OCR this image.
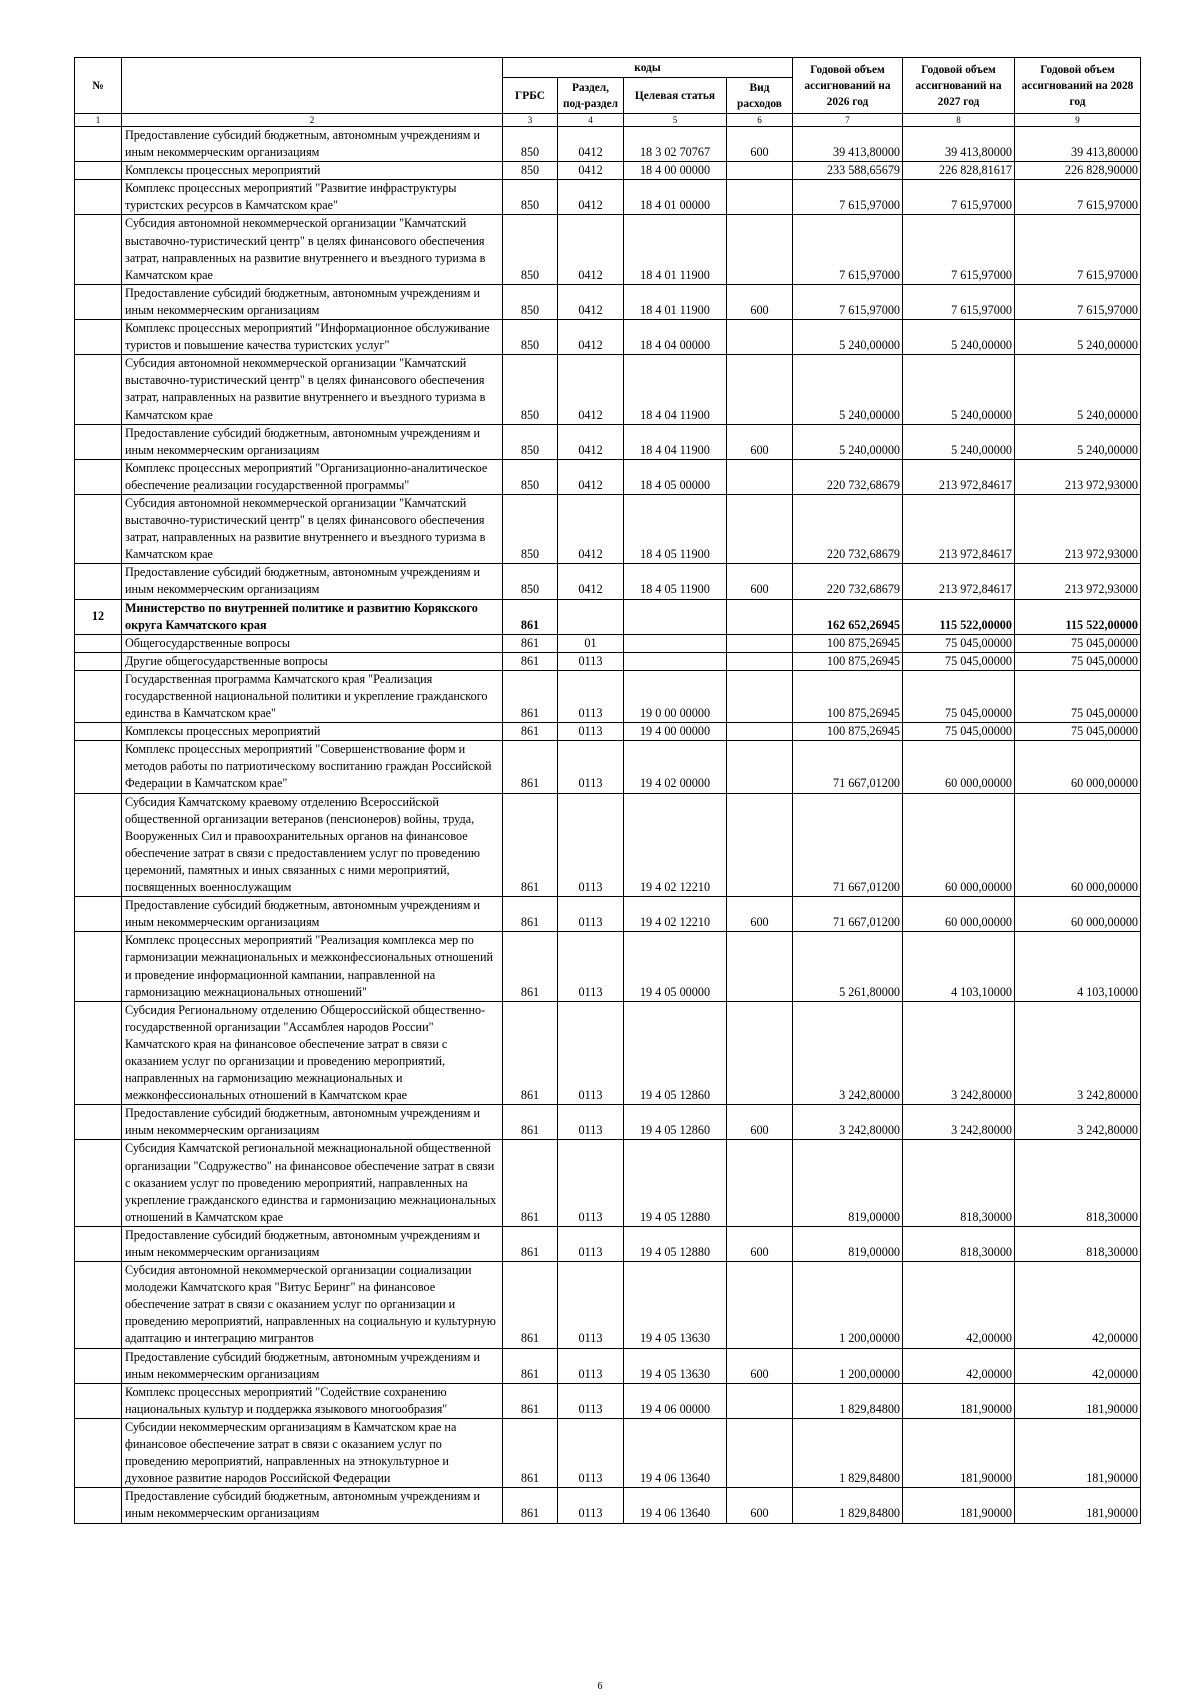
№		коды				Годовой объем ассигнований на 2026 год	Годовой объем ассигнований на 2027 год	Годовой объем ассигнований на 2028 год
		ГРБС	Раздел, под-раздел	Целевая статья	Вид расходов			
1	2	3	4	5	6	7	8	9
	Предоставление субсидий бюджетным, автономным учреждениям и иным некоммерческим организациям	850	0412	18 3 02 70767	600	39 413,80000	39 413,80000	39 413,80000
	Комплексы процессных мероприятий	850	0412	18 4 00 00000		233 588,65679	226 828,81617	226 828,90000
	Комплекс процессных мероприятий "Развитие инфраструктуры туристских ресурсов в Камчатском крае"	850	0412	18 4 01 00000		7 615,97000	7 615,97000	7 615,97000
	Субсидия автономной некоммерческой организации "Камчатский выставочно-туристический центр" в целях финансового обеспечения затрат, направленных на развитие внутреннего и въездного туризма в Камчатском крае	850	0412	18 4 01 11900		7 615,97000	7 615,97000	7 615,97000
	Предоставление субсидий бюджетным, автономным учреждениям и иным некоммерческим организациям	850	0412	18 4 01 11900	600	7 615,97000	7 615,97000	7 615,97000
	Комплекс процессных мероприятий "Информационное обслуживание туристов и повышение качества туристских услуг"	850	0412	18 4 04 00000		5 240,00000	5 240,00000	5 240,00000
	Субсидия автономной некоммерческой организации "Камчатский выставочно-туристический центр" в целях финансового обеспечения затрат, направленных на развитие внутреннего и въездного туризма в Камчатском крае	850	0412	18 4 04 11900		5 240,00000	5 240,00000	5 240,00000
	Предоставление субсидий бюджетным, автономным учреждениям и иным некоммерческим организациям	850	0412	18 4 04 11900	600	5 240,00000	5 240,00000	5 240,00000
	Комплекс процессных мероприятий "Организационно-аналитическое обеспечение реализации государственной программы"	850	0412	18 4 05 00000		220 732,68679	213 972,84617	213 972,93000
	Субсидия автономной некоммерческой организации "Камчатский выставочно-туристический центр" в целях финансового обеспечения затрат, направленных на развитие внутреннего и въездного туризма в Камчатском крае	850	0412	18 4 05 11900		220 732,68679	213 972,84617	213 972,93000
	Предоставление субсидий бюджетным, автономным учреждениям и иным некоммерческим организациям	850	0412	18 4 05 11900	600	220 732,68679	213 972,84617	213 972,93000
12	Министерство по внутренней политике и развитию Корякского округа Камчатского края	861				162 652,26945	115 522,00000	115 522,00000
	Общегосударственные вопросы	861	01			100 875,26945	75 045,00000	75 045,00000
	Другие общегосударственные вопросы	861	0113			100 875,26945	75 045,00000	75 045,00000
	Государственная программа Камчатского края "Реализация государственной национальной политики и укрепление гражданского единства в Камчатском крае"	861	0113	19 0 00 00000		100 875,26945	75 045,00000	75 045,00000
	Комплексы процессных мероприятий	861	0113	19 4 00 00000		100 875,26945	75 045,00000	75 045,00000
	Комплекс процессных мероприятий "Совершенствование форм и методов работы по патриотическому воспитанию граждан Российской Федерации в Камчатском крае"	861	0113	19 4 02 00000		71 667,01200	60 000,00000	60 000,00000
	Субсидия Камчатскому краевому отделению Всероссийской общественной организации ветеранов (пенсионеров) войны, труда, Вооруженных Сил и правоохранительных органов на финансовое обеспечение затрат в связи с предоставлением услуг по проведению церемоний, памятных и иных связанных с ними мероприятий, посвященных военнослужащим	861	0113	19 4 02 12210		71 667,01200	60 000,00000	60 000,00000
	Предоставление субсидий бюджетным, автономным учреждениям и иным некоммерческим организациям	861	0113	19 4 02 12210	600	71 667,01200	60 000,00000	60 000,00000
	Комплекс процессных мероприятий "Реализация комплекса мер по гармонизации межнациональных и межконфессиональных отношений и проведение информационной кампании, направленной на гармонизацию межнациональных отношений"	861	0113	19 4 05 00000		5 261,80000	4 103,10000	4 103,10000
	Субсидия Региональному отделению Общероссийской общественно-государственной организации "Ассамблея народов России" Камчатского края на финансовое обеспечение затрат в связи с оказанием услуг по организации и проведению мероприятий, направленных на гармонизацию межнациональных и межконфессиональных отношений в Камчатском крае	861	0113	19 4 05 12860		3 242,80000	3 242,80000	3 242,80000
	Предоставление субсидий бюджетным, автономным учреждениям и иным некоммерческим организациям	861	0113	19 4 05 12860	600	3 242,80000	3 242,80000	3 242,80000
	Субсидия Камчатской региональной межнациональной общественной организации "Содружество" на финансовое обеспечение затрат в связи с оказанием услуг по проведению мероприятий, направленных на укрепление гражданского единства и гармонизацию межнациональных отношений в Камчатском крае	861	0113	19 4 05 12880		819,00000	818,30000	818,30000
	Предоставление субсидий бюджетным, автономным учреждениям и иным некоммерческим организациям	861	0113	19 4 05 12880	600	819,00000	818,30000	818,30000
	Субсидия автономной некоммерческой организации социализации молодежи Камчатского края "Витус Беринг" на финансовое обеспечение затрат в связи с оказанием услуг по организации и проведению мероприятий, направленных на социальную и культурную адаптацию и интеграцию мигрантов	861	0113	19 4 05 13630		1 200,00000	42,00000	42,00000
	Предоставление субсидий бюджетным, автономным учреждениям и иным некоммерческим организациям	861	0113	19 4 05 13630	600	1 200,00000	42,00000	42,00000
	Комплекс процессных мероприятий "Содействие сохранению национальных культур и поддержка языкового многообразия"	861	0113	19 4 06 00000		1 829,84800	181,90000	181,90000
	Субсидии некоммерческим организациям в Камчатском крае на финансовое обеспечение затрат в связи с оказанием услуг по проведению мероприятий, направленных на этнокультурное и духовное развитие народов Российской Федерации	861	0113	19 4 06 13640		1 829,84800	181,90000	181,90000
	Предоставление субсидий бюджетным, автономным учреждениям и иным некоммерческим организациям	861	0113	19 4 06 13640	600	1 829,84800	181,90000	181,90000
6
